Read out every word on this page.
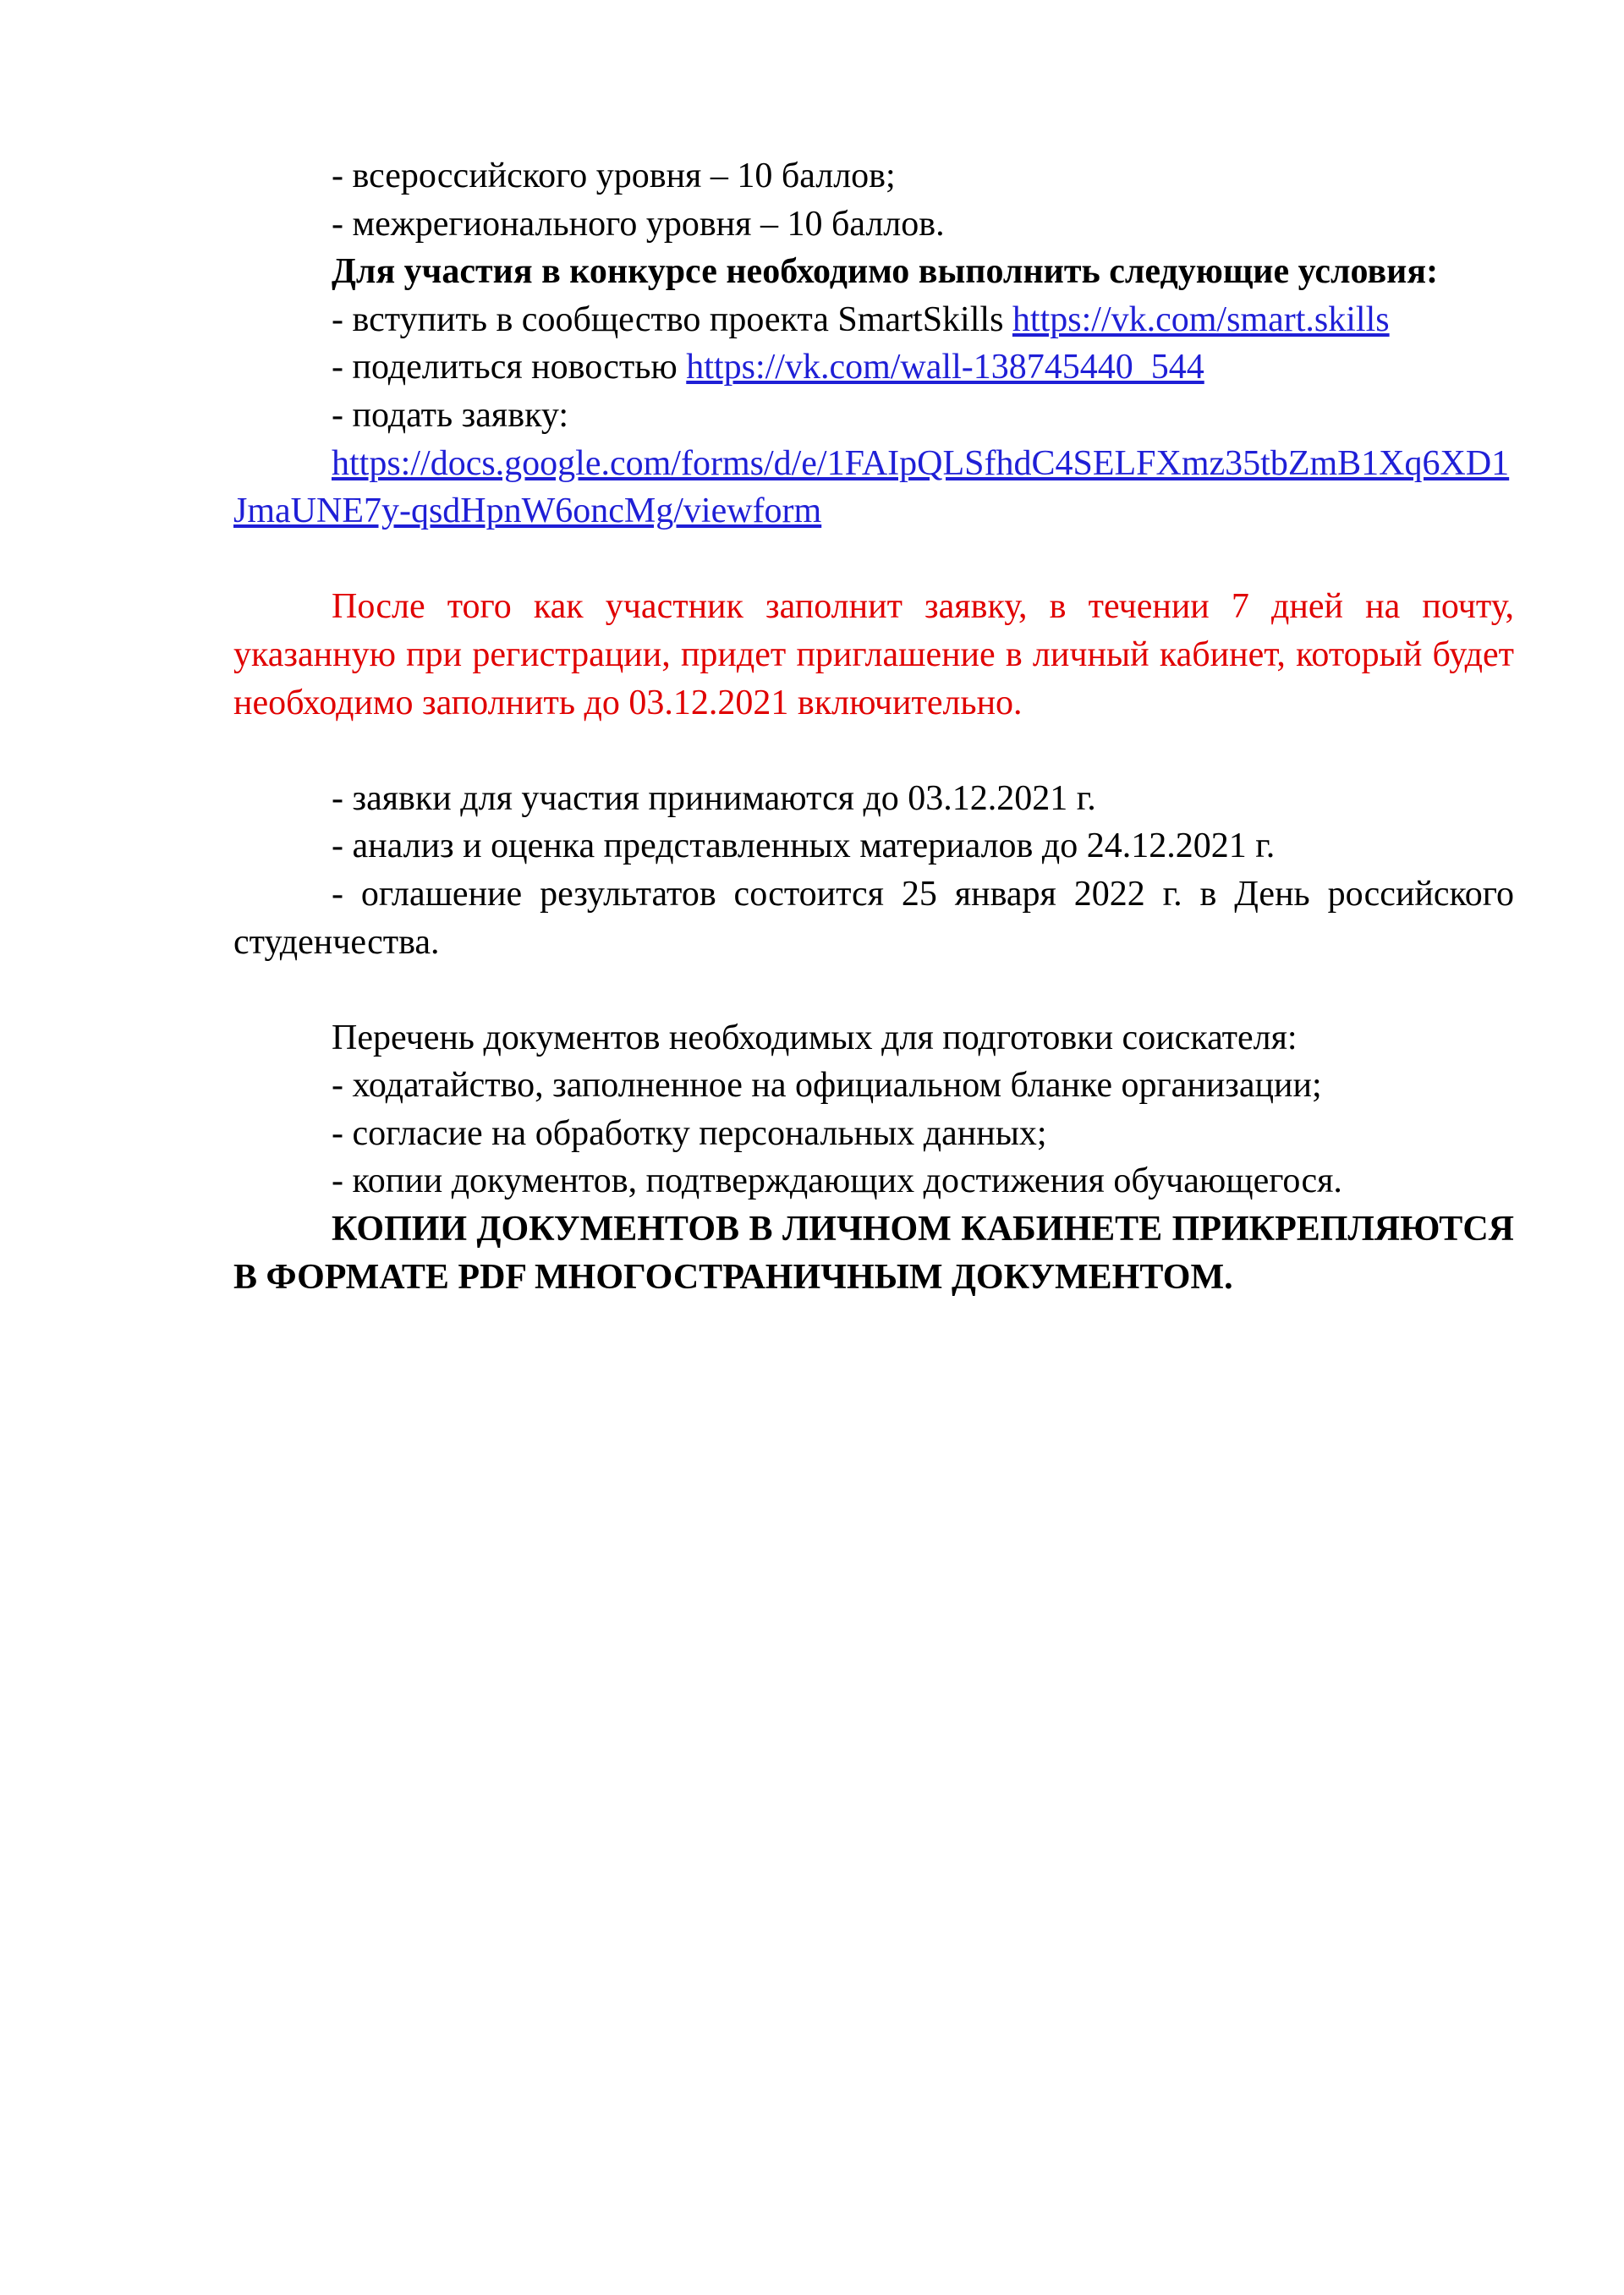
- всероссийского уровня – 10 баллов;

- межрегионального уровня – 10 баллов.

Для участия в конкурсе необходимо выполнить следующие условия:

- вступить в сообщество проекта SmartSkills https://vk.com/smart.skills

- поделиться новостью https://vk.com/wall-138745440_544

- подать заявку:

https://docs.google.com/forms/d/e/1FAIpQLSfhdC4SELFXmz35tbZmB1Xq6XD1JmaUNE7y-qsdHpnW6oncMg/viewform

После того как участник заполнит заявку, в течении 7 дней на почту, указанную при регистрации, придет приглашение в личный кабинет, который будет необходимо заполнить до 03.12.2021 включительно.

- заявки для участия принимаются до 03.12.2021 г.

- анализ и оценка представленных материалов до 24.12.2021 г.

- оглашение результатов состоится 25 января 2022 г. в День российского студенчества.

Перечень документов необходимых для подготовки соискателя:

- ходатайство, заполненное на официальном бланке организации;

- согласие на обработку персональных данных;

- копии документов, подтверждающих достижения обучающегося.

КОПИИ ДОКУМЕНТОВ В ЛИЧНОМ КАБИНЕТЕ ПРИКРЕПЛЯЮТСЯ В ФОРМАТЕ PDF МНОГОСТРАНИЧНЫМ ДОКУМЕНТОМ.
